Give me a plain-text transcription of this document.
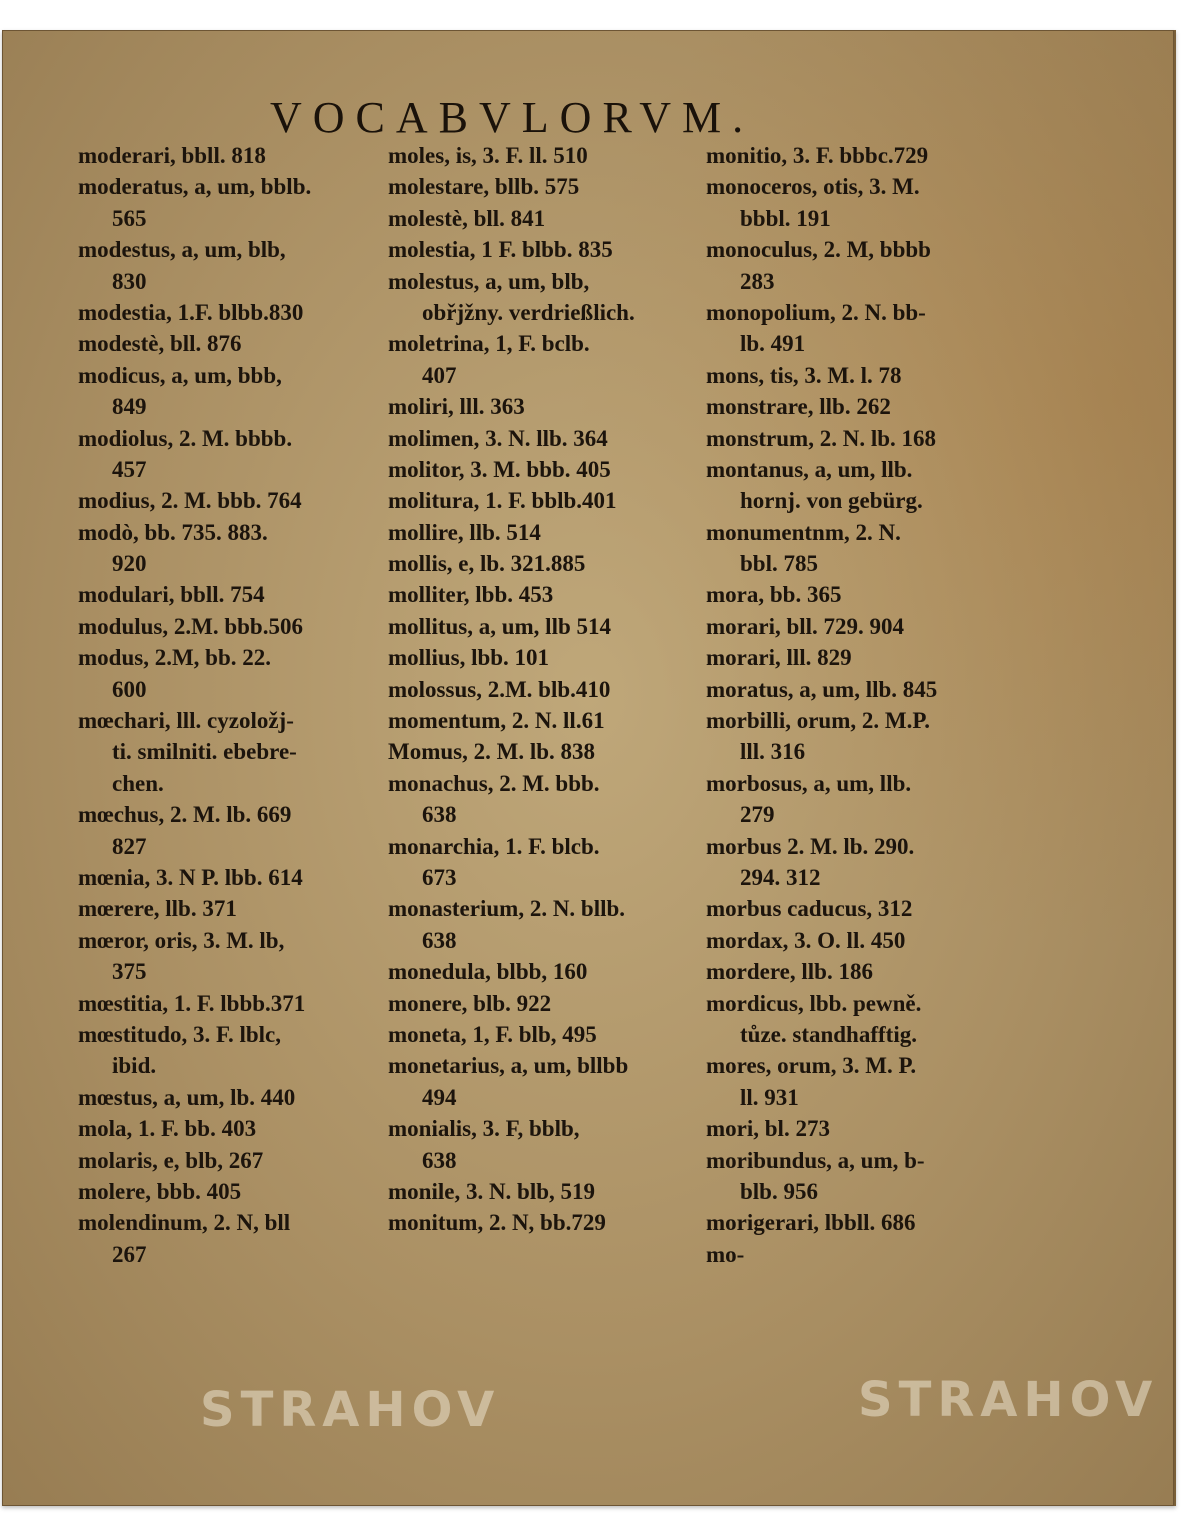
VOCABVLORVM.
moderari, bbll. 818
moderatus, a, um, bblb.
565
modestus, a, um, blb,
830
modestia, 1.F. blbb.830
modestè, bll. 876
modicus, a, um, bbb,
849
modiolus, 2. M. bbbb.
457
modius, 2. M. bbb. 764
modò, bb. 735. 883.
920
modulari, bbll. 754
modulus, 2.M. bbb.506
modus, 2.M, bb. 22.
600
mœchari, lll. cyzoložj-
ti. smilniti. ebebre-
chen.
mœchus, 2. M. lb. 669
827
mœnia, 3. N P. lbb. 614
mœrere, llb. 371
mœror, oris, 3. M. lb,
375
mœstitia, 1. F. lbbb.371
mœstitudo, 3. F. lblc,
ibid.
mœstus, a, um, lb. 440
mola, 1. F. bb. 403
molaris, e, blb, 267
molere, bbb. 405
molendinum, 2. N, bll
267
moles, is, 3. F. ll. 510
molestare, bllb. 575
molestè, bll. 841
molestia, 1 F. blbb. 835
molestus, a, um, blb,
obřjžny. verdrießlich.
moletrina, 1, F. bclb.
407
moliri, lll. 363
molimen, 3. N. llb. 364
molitor, 3. M. bbb. 405
molitura, 1. F. bblb.401
mollire, llb. 514
mollis, e, lb. 321.885
molliter, lbb. 453
mollitus, a, um, llb 514
mollius, lbb. 101
molossus, 2.M. blb.410
momentum, 2. N. ll.61
Momus, 2. M. lb. 838
monachus, 2. M. bbb.
638
monarchia, 1. F. blcb.
673
monasterium, 2. N. bllb.
638
monedula, blbb, 160
monere, blb. 922
moneta, 1, F. blb, 495
monetarius, a, um, bllbb
494
monialis, 3. F, bblb,
638
monile, 3. N. blb, 519
monitum, 2. N, bb.729
monitio, 3. F. bbbc.729
monoceros, otis, 3. M.
bbbl. 191
monoculus, 2. M, bbbb
283
monopolium, 2. N. bb-
lb. 491
mons, tis, 3. M. l. 78
monstrare, llb. 262
monstrum, 2. N. lb. 168
montanus, a, um, llb.
hornj. von gebürg.
monumentnm, 2. N.
bbl. 785
mora, bb. 365
morari, bll. 729. 904
morari, lll. 829
moratus, a, um, llb. 845
morbilli, orum, 2. M.P.
lll. 316
morbosus, a, um, llb.
279
morbus 2. M. lb. 290.
294. 312
morbus caducus, 312
mordax, 3. O. ll. 450
mordere, llb. 186
mordicus, lbb. pewně.
tůze. standhafftig.
mores, orum, 3. M. P.
ll. 931
mori, bl. 273
moribundus, a, um, b-
blb. 956
morigerari, lbbll. 686
mo-
STRAHOV	STRAHOV
